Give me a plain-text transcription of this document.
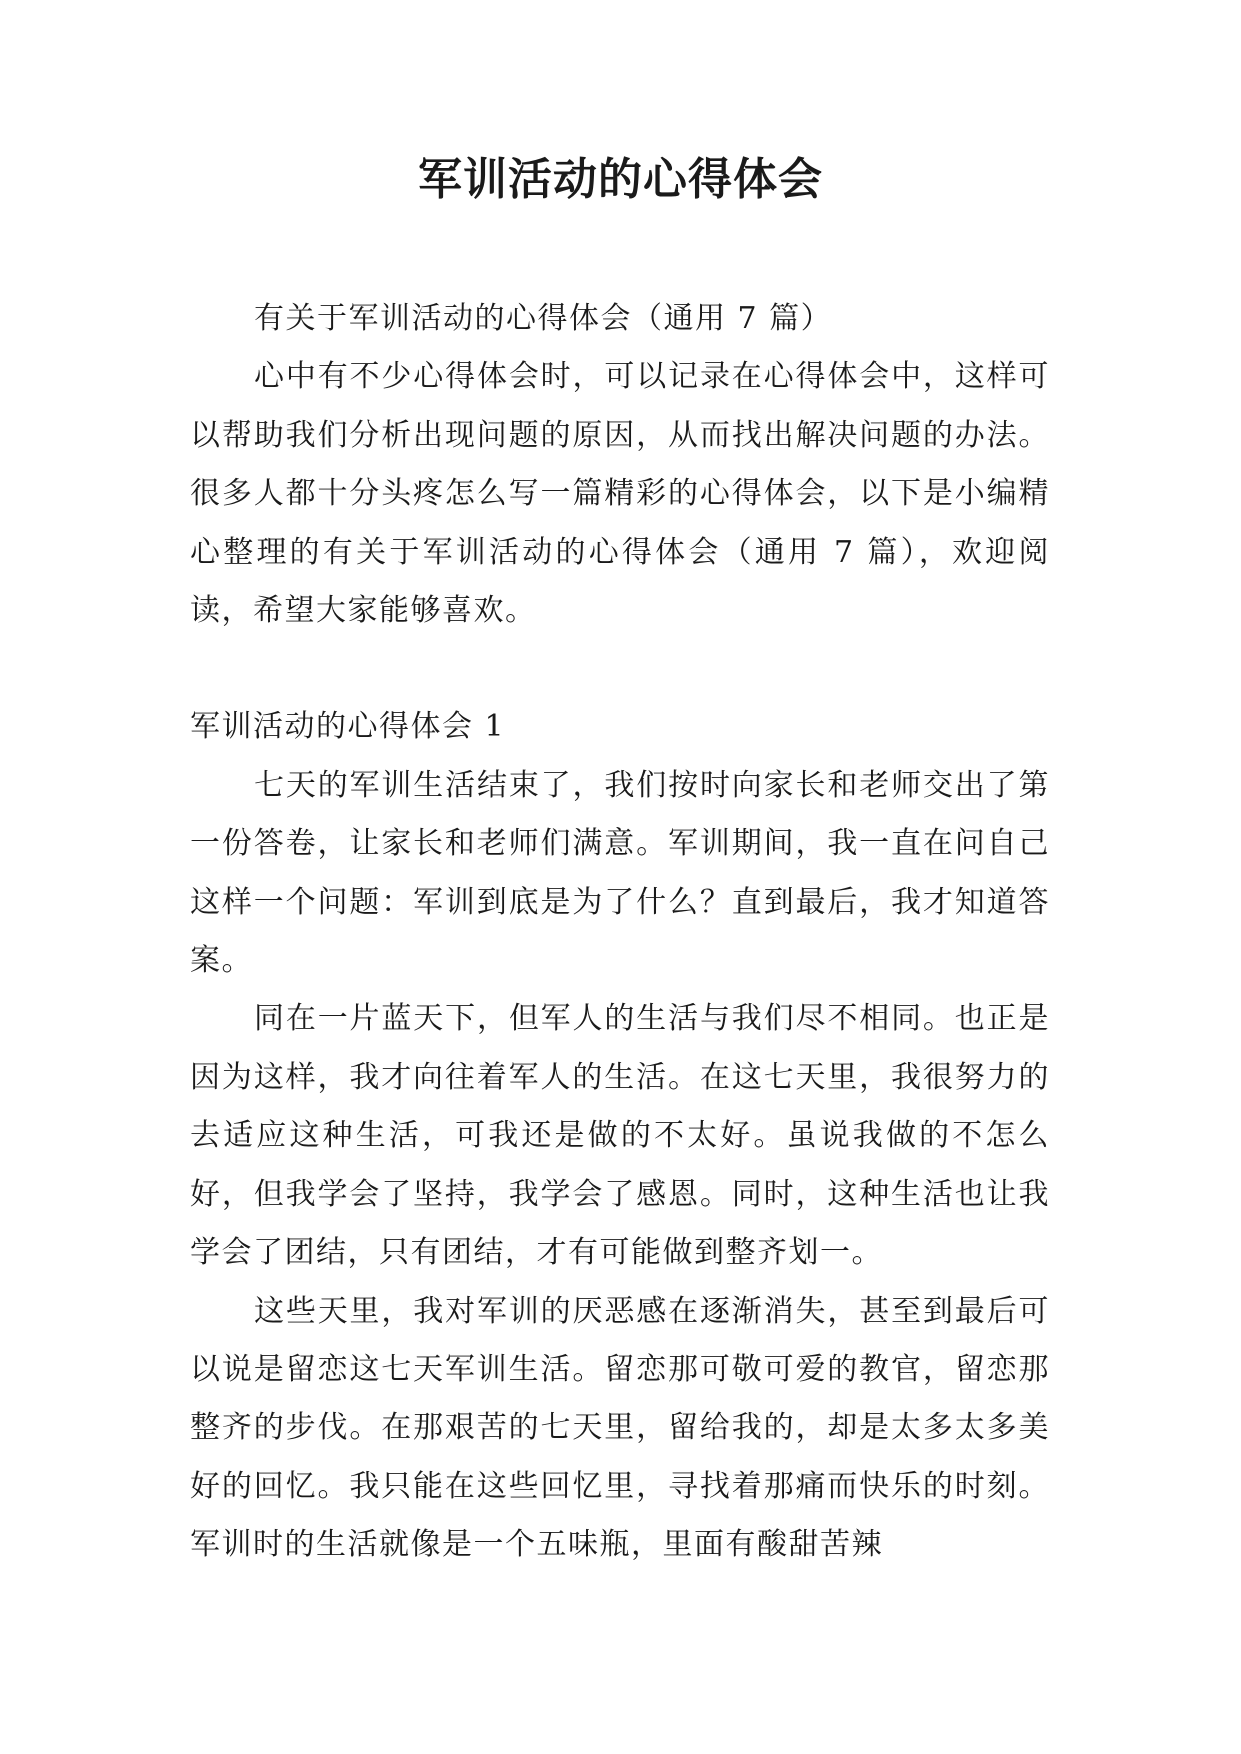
军训活动的心得体会

有关于军训活动的心得体会（通用 7 篇）

心中有不少心得体会时，可以记录在心得体会中，这样可以帮助我们分析出现问题的原因，从而找出解决问题的办法。很多人都十分头疼怎么写一篇精彩的心得体会，以下是小编精心整理的有关于军训活动的心得体会（通用 7 篇），欢迎阅读，希望大家能够喜欢。

军训活动的心得体会 1

七天的军训生活结束了，我们按时向家长和老师交出了第一份答卷，让家长和老师们满意。军训期间，我一直在问自己这样一个问题：军训到底是为了什么？直到最后，我才知道答案。

同在一片蓝天下，但军人的生活与我们尽不相同。也正是因为这样，我才向往着军人的生活。在这七天里，我很努力的去适应这种生活，可我还是做的不太好。虽说我做的不怎么好，但我学会了坚持，我学会了感恩。同时，这种生活也让我学会了团结，只有团结，才有可能做到整齐划一。

这些天里，我对军训的厌恶感在逐渐消失，甚至到最后可以说是留恋这七天军训生活。留恋那可敬可爱的教官，留恋那整齐的步伐。在那艰苦的七天里，留给我的，却是太多太多美好的回忆。我只能在这些回忆里，寻找着那痛而快乐的时刻。军训时的生活就像是一个五味瓶，里面有酸甜苦辣
